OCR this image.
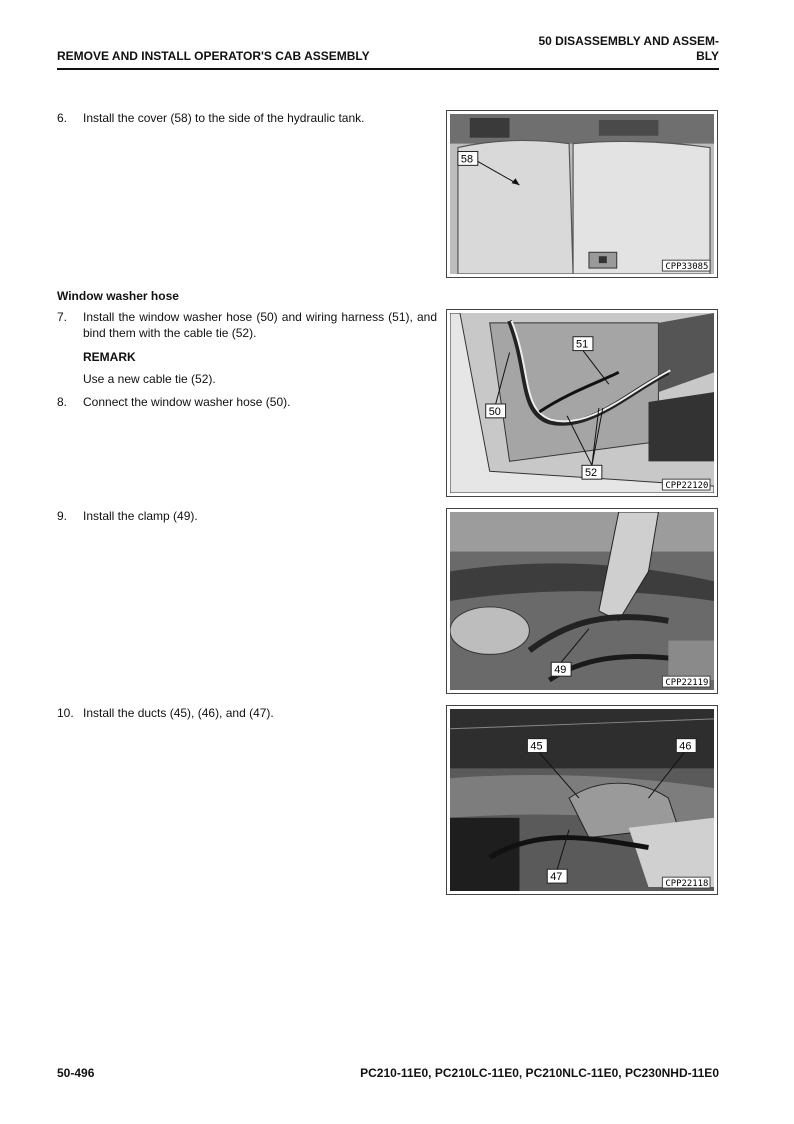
REMOVE AND INSTALL OPERATOR'S CAB ASSEMBLY
50 DISASSEMBLY AND ASSEM-
BLY
6. Install the cover (58) to the side of the hydraulic tank.
58
CPP33085
Window washer hose
7. Install the window washer hose (50) and wiring harness (51), and bind them with the cable tie (52).
REMARK
Use a new cable tie (52).
8. Connect the window washer hose (50).
51
50
52
CPP22120
9. Install the clamp (49).
49
CPP22119
10. Install the ducts (45), (46), and (47).
45	46
47
CPP22118
50-496	PC210-11E0, PC210LC-11E0, PC210NLC-11E0, PC230NHD-11E0
